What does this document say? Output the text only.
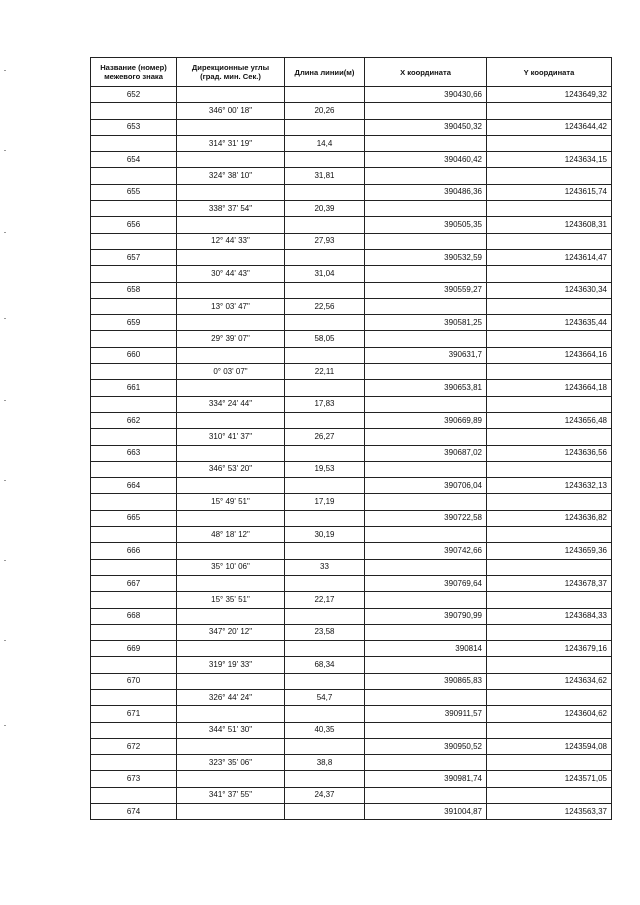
Название (номер) межевого знака	Дирекционные углы (град. мин. Сек.)	Длина линии(м)	X координата	Y координата
652			390430,66	1243649,32
	346° 00' 18"	20,26		
653			390450,32	1243644,42
	314° 31' 19"	14,4		
654			390460,42	1243634,15
	324° 38' 10"	31,81		
655			390486,36	1243615,74
	338° 37' 54"	20,39		
656			390505,35	1243608,31
	12° 44' 33"	27,93		
657			390532,59	1243614,47
	30° 44' 43"	31,04		
658			390559,27	1243630,34
	13° 03' 47"	22,56		
659			390581,25	1243635,44
	29° 39' 07"	58,05		
660			390631,7	1243664,16
	0° 03' 07"	22,11		
661			390653,81	1243664,18
	334° 24' 44"	17,83		
662			390669,89	1243656,48
	310° 41' 37"	26,27		
663			390687,02	1243636,56
	346° 53' 20"	19,53		
664			390706,04	1243632,13
	15° 49' 51"	17,19		
665			390722,58	1243636,82
	48° 18' 12"	30,19		
666			390742,66	1243659,36
	35° 10' 06"	33		
667			390769,64	1243678,37
	15° 35' 51"	22,17		
668			390790,99	1243684,33
	347° 20' 12"	23,58		
669			390814	1243679,16
	319° 19' 33"	68,34		
670			390865,83	1243634,62
	326° 44' 24"	54,7		
671			390911,57	1243604,62
	344° 51' 30"	40,35		
672			390950,52	1243594,08
	323° 35' 06"	38,8		
673			390981,74	1243571,05
	341° 37' 55"	24,37		
674			391004,87	1243563,37
